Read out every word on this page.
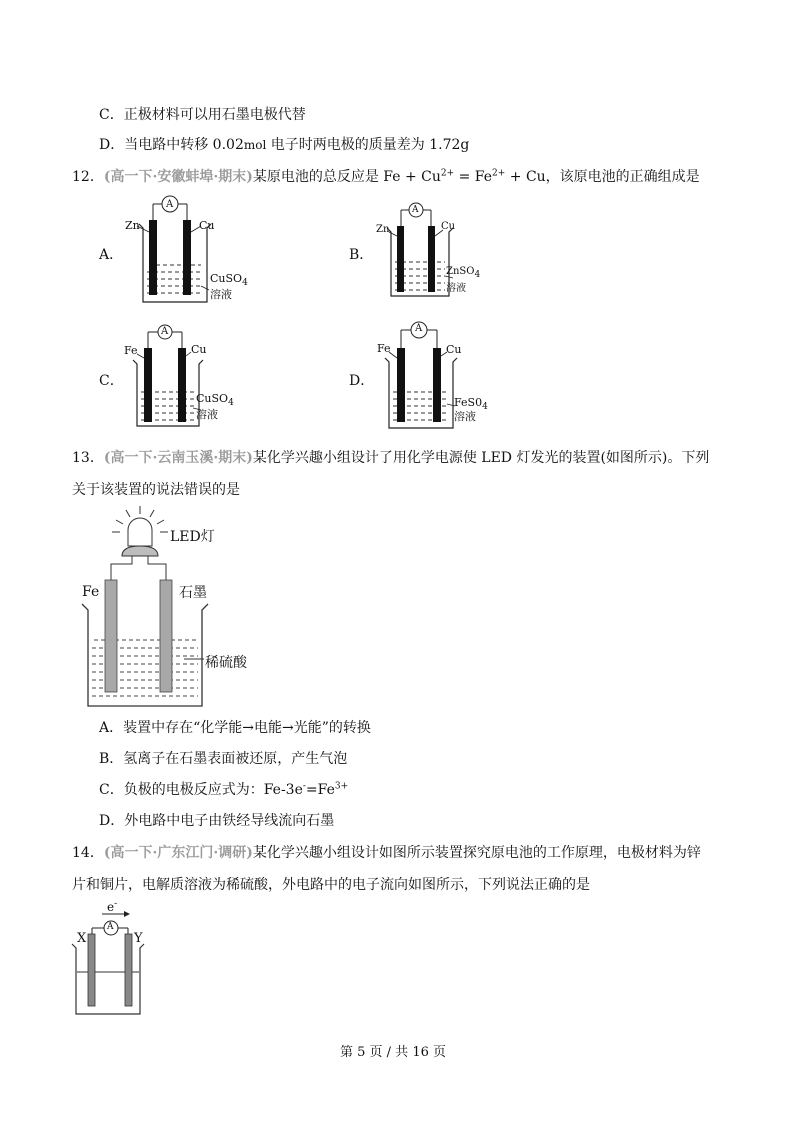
C．正极材料可以用石墨电极代替
D．当电路中转移 0.02mol 电子时两电极的质量差为 1.72g
12．(高一下·安徽蚌埠·期末)某原电池的总反应是 $Fe + Cu^{2+} = Fe^{2+} + Cu$，该原电池的正确组成是
A．
A
Zn	Cu
CuSO$_4$
溶液
B．
A
Zn	Cu
ZnSO$_4$
溶液
C．
A
Fe	Cu
CuSO$_4$
溶液
D．
A
Fe	Cu
$FeS0_4$
溶液
13．(高一下·云南玉溪·期末)某化学兴趣小组设计了用化学电源使 LED 灯发光的装置(如图所示)。下列
关于该装置的说法错误的是
LED灯
Fe	石墨
稀硫酸
A．装置中存在“化学能→电能→光能”的转换
B．氢离子在石墨表面被还原，产生气泡
C．负极的电极反应式为：$Fe-3e^-=Fe^{3+}$
D．外电路中电子由铁经导线流向石墨
14．(高一下·广东江门·调研)某化学兴趣小组设计如图所示装置探究原电池的工作原理，电极材料为锌
片和铜片，电解质溶液为稀硫酸，外电路中的电子流向如图所示，下列说法正确的是
e-
A
X	Y
第 5 页 / 共 16 页
